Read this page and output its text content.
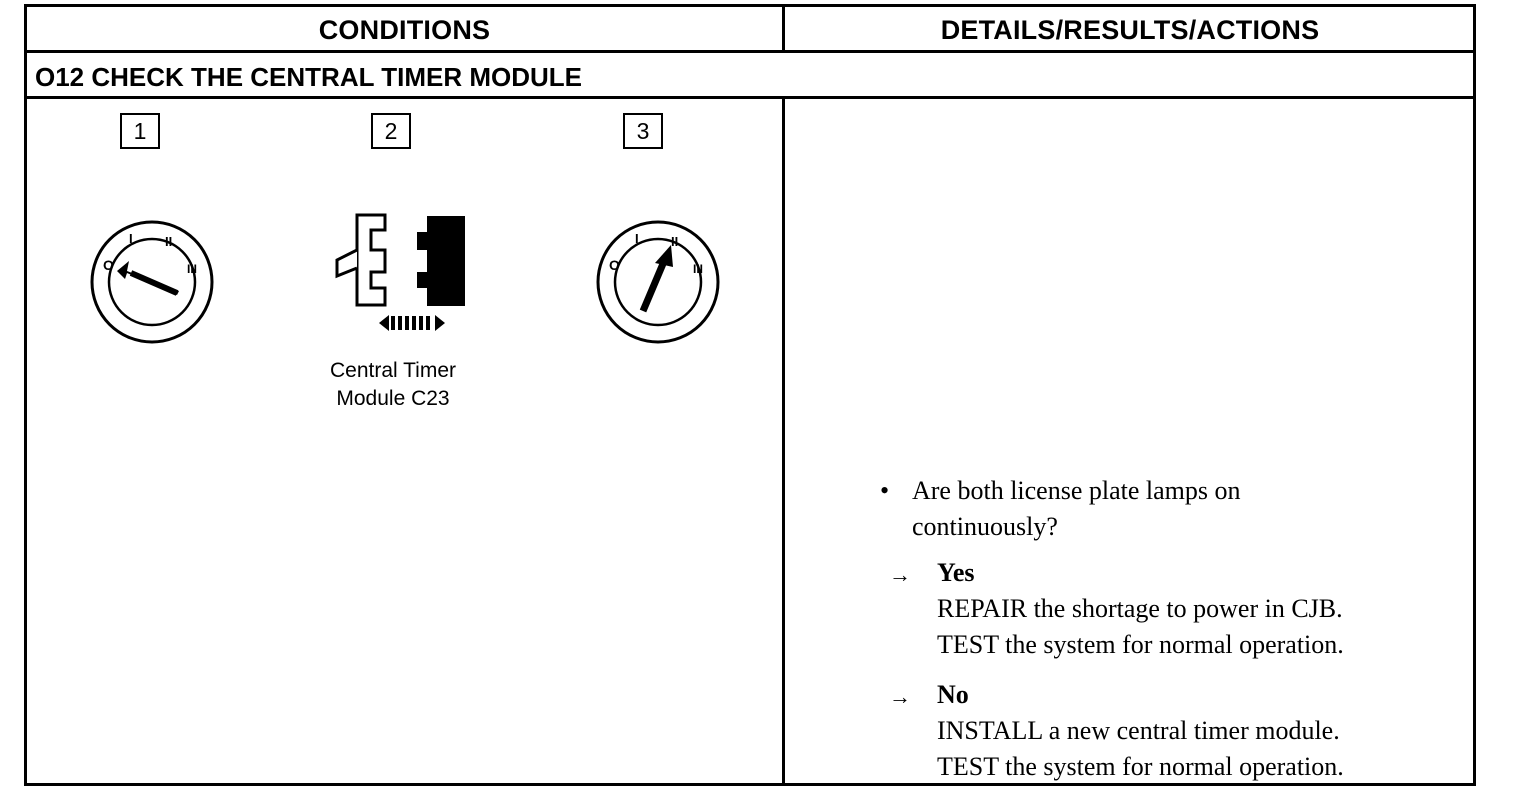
CONDITIONS	DETAILS/RESULTS/ACTIONS
O12 CHECK THE CENTRAL TIMER MODULE
1	2	3
O
I II
III
Central Timer
Module C23
O
I II
III
• Are both license plate lamps on
continuously?
→	Yes
REPAIR the shortage to power in CJB.
TEST the system for normal operation.
→	No
INSTALL a new central timer module.
TEST the system for normal operation.
